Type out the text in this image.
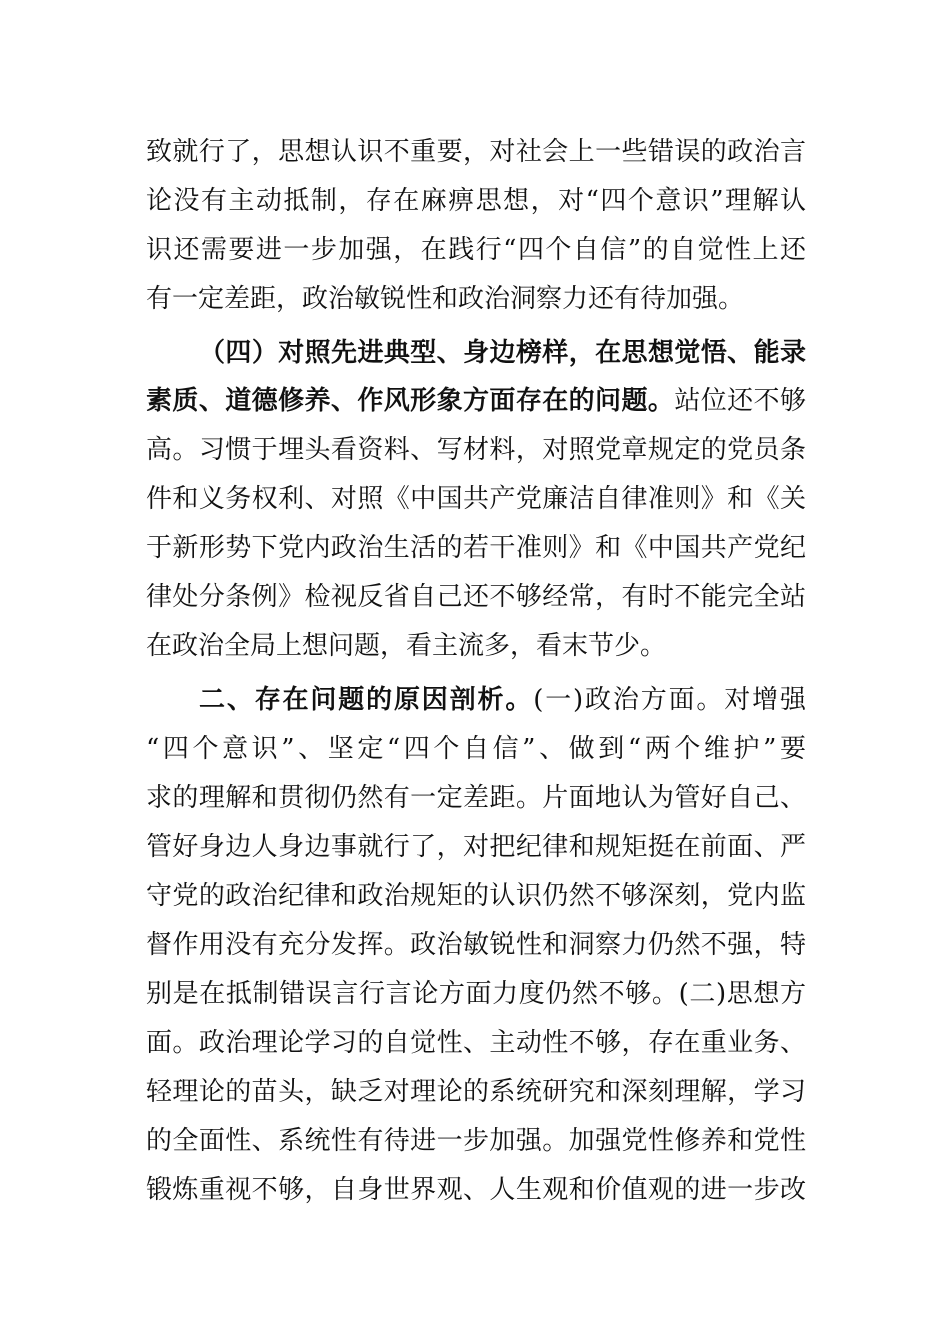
致就行了，思想认识不重要，对社会上一些错误的政治言
论没有主动抵制，存在麻痹思想，对“四个意识”理解认
识还需要进一步加强，在践行“四个自信”的自觉性上还
有一定差距，政治敏锐性和政治洞察力还有待加强。
（四）对照先进典型、身边榜样，在思想觉悟、能录
素质、道德修养、作风形象方面存在的问题。站位还不够
高。习惯于埋头看资料、写材料，对照党章规定的党员条
件和义务权利、对照《中国共产党廉洁自律准则》和《关
于新形势下党内政治生活的若干准则》和《中国共产党纪
律处分条例》检视反省自己还不够经常，有时不能完全站
在政治全局上想问题，看主流多，看末节少。
二、存在问题的原因剖析。(一)政治方面。对增强
“四个意识”、坚定“四个自信”、做到“两个维护”要
求的理解和贯彻仍然有一定差距。片面地认为管好自己、
管好身边人身边事就行了，对把纪律和规矩挺在前面、严
守党的政治纪律和政治规矩的认识仍然不够深刻，党内监
督作用没有充分发挥。政治敏锐性和洞察力仍然不强，特
别是在抵制错误言行言论方面力度仍然不够。(二)思想方
面。政治理论学习的自觉性、主动性不够，存在重业务、
轻理论的苗头，缺乏对理论的系统研究和深刻理解，学习
的全面性、系统性有待进一步加强。加强党性修养和党性
锻炼重视不够，自身世界观、人生观和价值观的进一步改
